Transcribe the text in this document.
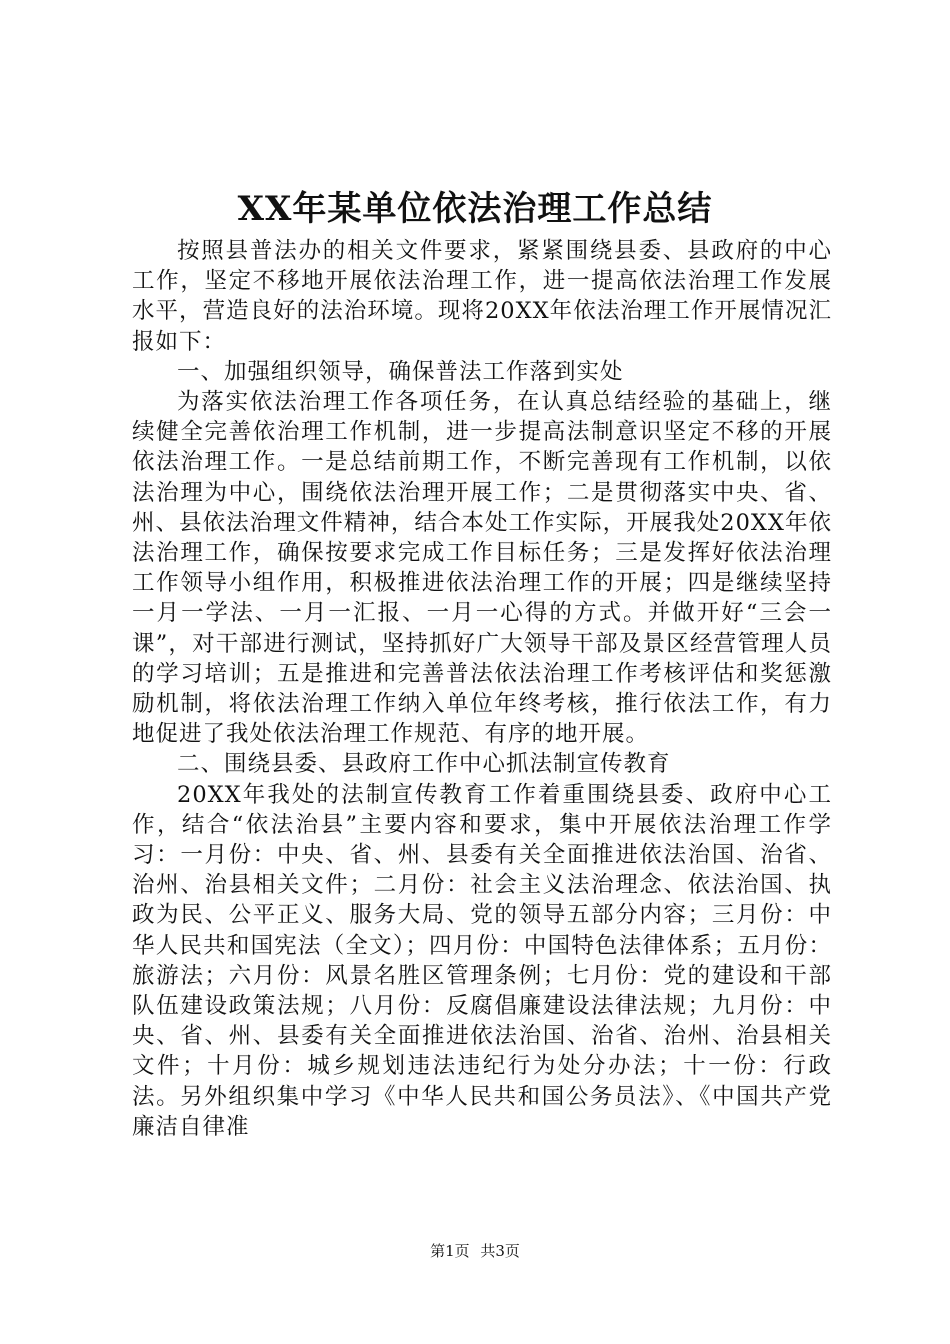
XX年某单位依法治理工作总结

按照县普法办的相关文件要求，紧紧围绕县委、县政府的中心工作，坚定不移地开展依法治理工作，进一提高依法治理工作发展水平，营造良好的法治环境。现将20XX年依法治理工作开展情况汇报如下：

一、加强组织领导，确保普法工作落到实处

为落实依法治理工作各项任务，在认真总结经验的基础上，继续健全完善依治理工作机制，进一步提高法制意识坚定不移的开展依法治理工作。一是总结前期工作，不断完善现有工作机制，以依法治理为中心，围绕依法治理开展工作；二是贯彻落实中央、省、州、县依法治理文件精神，结合本处工作实际，开展我处20XX年依法治理工作，确保按要求完成工作目标任务；三是发挥好依法治理工作领导小组作用，积极推进依法治理工作的开展；四是继续坚持一月一学法、一月一汇报、一月一心得的方式。并做开好“三会一课”，对干部进行测试，坚持抓好广大领导干部及景区经营管理人员的学习培训；五是推进和完善普法依法治理工作考核评估和奖惩激励机制，将依法治理工作纳入单位年终考核，推行依法工作，有力地促进了我处依法治理工作规范、有序的地开展。

二、围绕县委、县政府工作中心抓法制宣传教育

20XX年我处的法制宣传教育工作着重围绕县委、政府中心工作，结合“依法治县”主要内容和要求，集中开展依法治理工作学习：一月份：中央、省、州、县委有关全面推进依法治国、治省、治州、治县相关文件；二月份：社会主义法治理念、依法治国、执政为民、公平正义、服务大局、党的领导五部分内容；三月份：中华人民共和国宪法（全文）；四月份：中国特色法律体系；五月份：旅游法；六月份：风景名胜区管理条例；七月份：党的建设和干部队伍建设政策法规；八月份：反腐倡廉建设法律法规；九月份：中央、省、州、县委有关全面推进依法治国、治省、治州、治县相关文件；十月份：城乡规划违法违纪行为处分办法；十一份：行政法。另外组织集中学习《中华人民共和国公务员法》、《中国共产党廉洁自律准

第1页 共3页
